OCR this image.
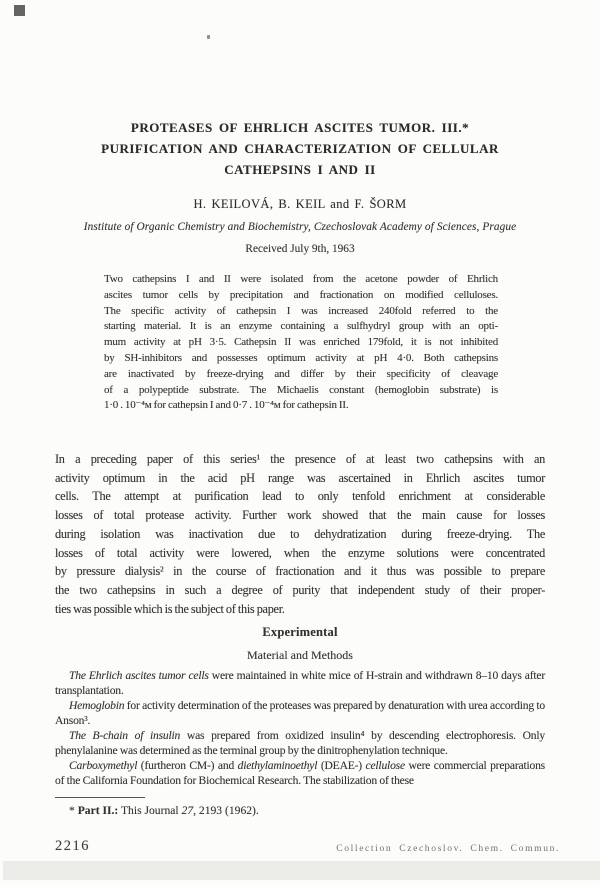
PROTEASES OF EHRLICH ASCITES TUMOR. III.*
PURIFICATION AND CHARACTERIZATION OF CELLULAR
CATHEPSINS I AND II
H. KEILOVÁ, B. KEIL and F. ŠORM
Institute of Organic Chemistry and Biochemistry, Czechoslovak Academy of Sciences, Prague
Received July 9th, 1963
Two cathepsins I and II were isolated from the acetone powder of Ehrlich
ascites tumor cells by precipitation and fractionation on modified celluloses.
The specific activity of cathepsin I was increased 240fold referred to the
starting material. It is an enzyme containing a sulfhydryl group with an opti-
mum activity at pH 3·5. Cathepsin II was enriched 179fold, it is not inhibited
by SH-inhibitors and possesses optimum activity at pH 4·0. Both cathepsins
are inactivated by freeze-drying and differ by their specificity of cleavage
of a polypeptide substrate. The Michaelis constant (hemoglobin substrate) is
1·0 . 10⁻⁴ᴍ for cathepsin I and 0·7 . 10⁻⁴ᴍ for cathepsin II.
In a preceding paper of this series¹ the presence of at least two cathepsins with an
activity optimum in the acid pH range was ascertained in Ehrlich ascites tumor
cells. The attempt at purification lead to only tenfold enrichment at considerable
losses of total protease activity. Further work showed that the main cause for losses
during isolation was inactivation due to dehydratization during freeze-drying. The
losses of total activity were lowered, when the enzyme solutions were concentrated
by pressure dialysis² in the course of fractionation and it thus was possible to prepare
the two cathepsins in such a degree of purity that independent study of their proper-
ties was possible which is the subject of this paper.
Experimental
Material and Methods

The Ehrlich ascites tumor cells were maintained in white mice of H-strain and withdrawn 8–10 days after transplantation.

Hemoglobin for activity determination of the proteases was prepared by denaturation with urea according to Anson³.

The B-chain of insulin was prepared from oxidized insulin⁴ by descending electrophoresis. Only phenylalanine was determined as the terminal group by the dinitrophenylation technique.

Carboxymethyl (furtheron CM-) and diethylaminoethyl (DEAE-) cellulose were commercial preparations of the California Foundation for Biochemical Research. The stabilization of these

* Part II.: This Journal 27, 2193 (1962).
2216	Collection Czechoslov. Chem. Commun.
